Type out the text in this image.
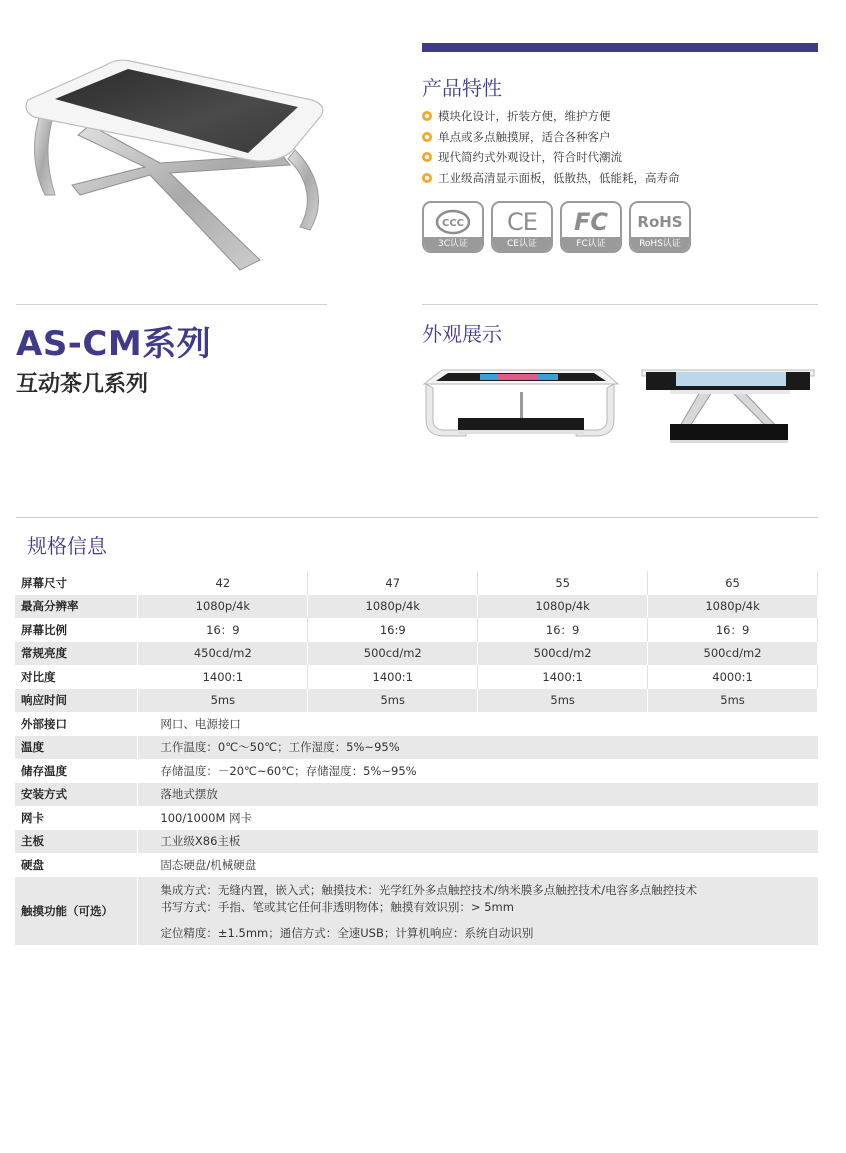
产品特性
模块化设计，折装方便，维护方便
单点或多点触摸屏，适合各种客户
现代简约式外观设计，符合时代潮流
工业级高清显示面板，低散热，低能耗，高寿命
CCC
3C认证
CE
CE认证
FC
FC认证
RoHS
RoHS认证
AS-CM系列
互动茶几系列
外观展示
规格信息
屏幕尺寸	42	47	55	65
最高分辨率	1080p/4k	1080p/4k	1080p/4k	1080p/4k
屏幕比例	16：9	16:9	16：9	16：9
常规亮度	450cd/m2	500cd/m2	500cd/m2	500cd/m2
对比度	1400:1	1400:1	1400:1	4000:1
响应时间	5ms	5ms	5ms	5ms
外部接口	网口、电源接口			
温度	工作温度：0℃～50℃；工作湿度：5%~95%			
储存温度	存储温度：－20℃~60℃；存储湿度：5%~95%			
安装方式	落地式摆放			
网卡	100/1000M 网卡			
主板	工业级X86主板			
硬盘	固态硬盘/机械硬盘			
触摸功能（可选）	集成方式：无缝内置，嵌入式；触摸技术：光学红外多点触控技术/纳米膜多点触控技术/电容多点触控技术
书写方式：手指、笔或其它任何非透明物体；触摸有效识别：> 5mm			

	定位精度：±1.5mm；通信方式：全速USB；计算机响应：系统自动识别			
